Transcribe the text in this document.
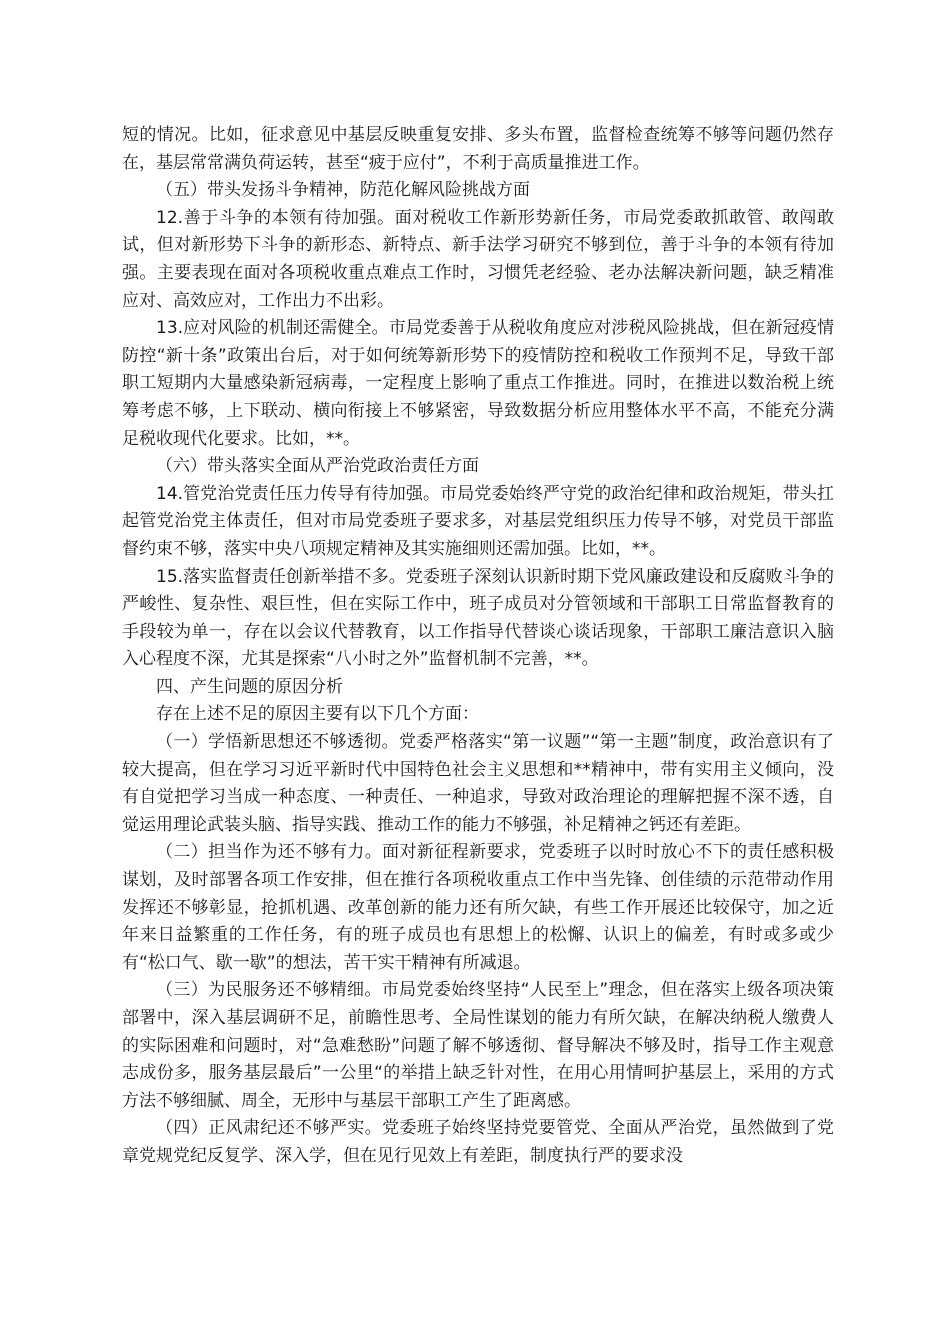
短的情况。比如，征求意见中基层反映重复安排、多头布置，监督检查统筹不够等问题仍然存在，基层常常满负荷运转，甚至“疲于应付”，不利于高质量推进工作。

（五）带头发扬斗争精神，防范化解风险挑战方面

12.善于斗争的本领有待加强。面对税收工作新形势新任务，市局党委敢抓敢管、敢闯敢试，但对新形势下斗争的新形态、新特点、新手法学习研究不够到位，善于斗争的本领有待加强。主要表现在面对各项税收重点难点工作时，习惯凭老经验、老办法解决新问题，缺乏精准应对、高效应对，工作出力不出彩。

13.应对风险的机制还需健全。市局党委善于从税收角度应对涉税风险挑战，但在新冠疫情防控“新十条”政策出台后，对于如何统筹新形势下的疫情防控和税收工作预判不足，导致干部职工短期内大量感染新冠病毒，一定程度上影响了重点工作推进。同时，在推进以数治税上统筹考虑不够，上下联动、横向衔接上不够紧密，导致数据分析应用整体水平不高，不能充分满足税收现代化要求。比如，**。

（六）带头落实全面从严治党政治责任方面

14.管党治党责任压力传导有待加强。市局党委始终严守党的政治纪律和政治规矩，带头扛起管党治党主体责任，但对市局党委班子要求多，对基层党组织压力传导不够，对党员干部监督约束不够，落实中央八项规定精神及其实施细则还需加强。比如，**。

15.落实监督责任创新举措不多。党委班子深刻认识新时期下党风廉政建设和反腐败斗争的严峻性、复杂性、艰巨性，但在实际工作中，班子成员对分管领域和干部职工日常监督教育的手段较为单一，存在以会议代替教育，以工作指导代替谈心谈话现象，干部职工廉洁意识入脑入心程度不深，尤其是探索“八小时之外”监督机制不完善，**。

四、产生问题的原因分析

存在上述不足的原因主要有以下几个方面：

（一）学悟新思想还不够透彻。党委严格落实“第一议题”“第一主题”制度，政治意识有了较大提高，但在学习习近平新时代中国特色社会主义思想和**精神中，带有实用主义倾向，没有自觉把学习当成一种态度、一种责任、一种追求，导致对政治理论的理解把握不深不透，自觉运用理论武装头脑、指导实践、推动工作的能力不够强，补足精神之钙还有差距。

（二）担当作为还不够有力。面对新征程新要求，党委班子以时时放心不下的责任感积极谋划，及时部署各项工作安排，但在推行各项税收重点工作中当先锋、创佳绩的示范带动作用发挥还不够彰显，抢抓机遇、改革创新的能力还有所欠缺，有些工作开展还比较保守，加之近年来日益繁重的工作任务，有的班子成员也有思想上的松懈、认识上的偏差，有时或多或少有“松口气、歇一歇”的想法，苦干实干精神有所减退。

（三）为民服务还不够精细。市局党委始终坚持“人民至上”理念，但在落实上级各项决策部署中，深入基层调研不足，前瞻性思考、全局性谋划的能力有所欠缺，在解决纳税人缴费人的实际困难和问题时，对“急难愁盼”问题了解不够透彻、督导解决不够及时，指导工作主观意志成份多，服务基层最后”一公里“的举措上缺乏针对性，在用心用情呵护基层上，采用的方式方法不够细腻、周全，无形中与基层干部职工产生了距离感。

（四）正风肃纪还不够严实。党委班子始终坚持党要管党、全面从严治党，虽然做到了党章党规党纪反复学、深入学，但在见行见效上有差距，制度执行严的要求没
